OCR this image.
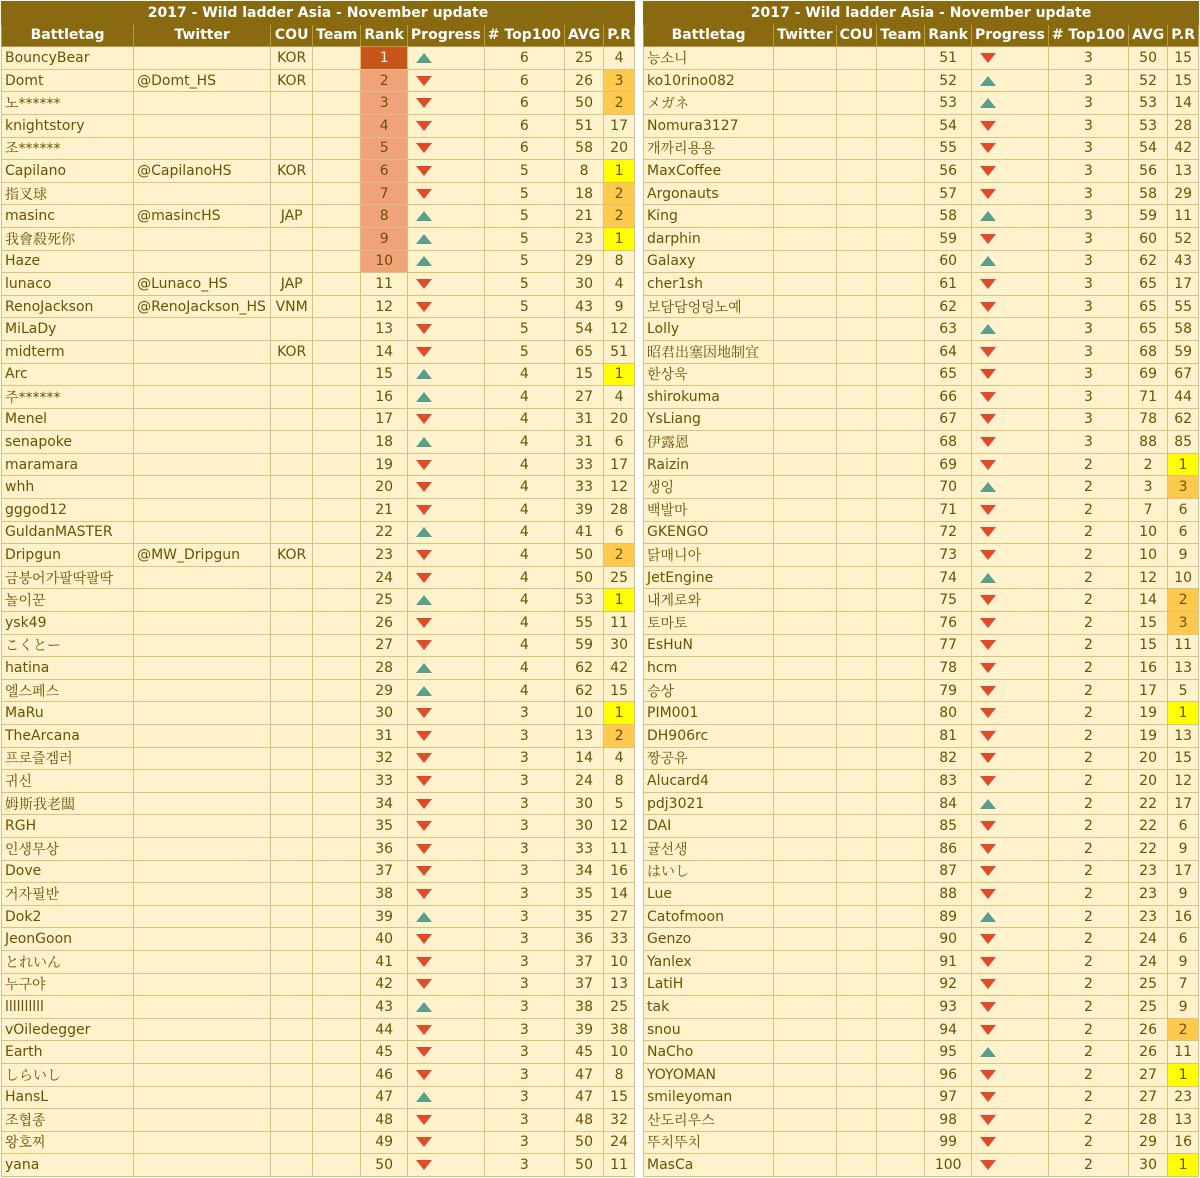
2017 - Wild ladder Asia - November update								
Battletag	Twitter	COU	Team	Rank	Progress	# Top100	AVG	P.R
BouncyBear		KOR		1		6	25	4
Domt	@Domt_HS	KOR		2		6	26	3
노******				3		6	50	2
knightstory				4		6	51	17
조******				5		6	58	20
Capilano	@CapilanoHS	KOR		6		5	8	1
指叉球				7		5	18	2
masinc	@masincHS	JAP		8		5	21	2
我會殺死你				9		5	23	1
Haze				10		5	29	8
lunaco	@Lunaco_HS	JAP		11		5	30	4
RenoJackson	@RenoJackson_HS	VNM		12		5	43	9
MiLaDy				13		5	54	12
midterm		KOR		14		5	65	51
Arc				15		4	15	1
주******				16		4	27	4
Menel				17		4	31	20
senapoke				18		4	31	6
maramara				19		4	33	17
whh				20		4	33	12
gggod12				21		4	39	28
GuldanMASTER				22		4	41	6
Dripgun	@MW_Dripgun	KOR		23		4	50	2
금붕어가팔딱팔딱				24		4	50	25
놀이꾼				25		4	53	1
ysk49				26		4	55	11
こくとー				27		4	59	30
hatina				28		4	62	42
엘스페스				29		4	62	15
MaRu				30		3	10	1
TheArcana				31		3	13	2
프로즐겜러				32		3	14	4
귀신				33		3	24	8
姆斯我老闆				34		3	30	5
RGH				35		3	30	12
인생무상				36		3	33	11
Dove				37		3	34	16
거자필반				38		3	35	14
Dok2				39		3	35	27
JeonGoon				40		3	36	33
とれいん				41		3	37	10
누구야				42		3	37	13
llllllllll				43		3	38	25
vOiledegger				44		3	39	38
Earth				45		3	45	10
しらいし				46		3	47	8
HansL				47		3	47	15
조협종				48		3	48	32
왕호찌				49		3	50	24
yana				50		3	50	11
2017 - Wild ladder Asia - November update								
Battletag	Twitter	COU	Team	Rank	Progress	# Top100	AVG	P.R
능소니				51		3	50	15
ko10rino082				52		3	52	15
メガネ				53		3	53	14
Nomura3127				54		3	53	28
개까리용용				55		3	54	42
MaxCoffee				56		3	56	13
Argonauts				57		3	58	29
King				58		3	59	11
darphin				59		3	60	52
Galaxy				60		3	62	43
cher1sh				61		3	65	17
보담담엉덩노예				62		3	65	55
Lolly				63		3	65	58
昭君出塞因地制宜				64		3	68	59
한상욱				65		3	69	67
shirokuma				66		3	71	44
YsLiang				67		3	78	62
伊露恩				68		3	88	85
Raizin				69		2	2	1
생잉				70		2	3	3
백발마				71		2	7	6
GKENGO				72		2	10	6
닭매니아				73		2	10	9
JetEngine				74		2	12	10
내게로와				75		2	14	2
토마토				76		2	15	3
EsHuN				77		2	15	11
hcm				78		2	16	13
승상				79		2	17	5
PIM001				80		2	19	1
DH906rc				81		2	19	13
짱공유				82		2	20	15
Alucard4				83		2	20	12
pdj3021				84		2	22	17
DAI				85		2	22	6
귤선생				86		2	22	9
はいし				87		2	23	17
Lue				88		2	23	9
Catofmoon				89		2	23	16
Genzo				90		2	24	6
Yanlex				91		2	24	9
LatiH				92		2	25	7
tak				93		2	25	9
snou				94		2	26	2
NaCho				95		2	26	11
YOYOMAN				96		2	27	1
smileyoman				97		2	27	23
산도리우스				98		2	28	13
뚜치뚜치				99		2	29	16
MasCa				100		2	30	1
